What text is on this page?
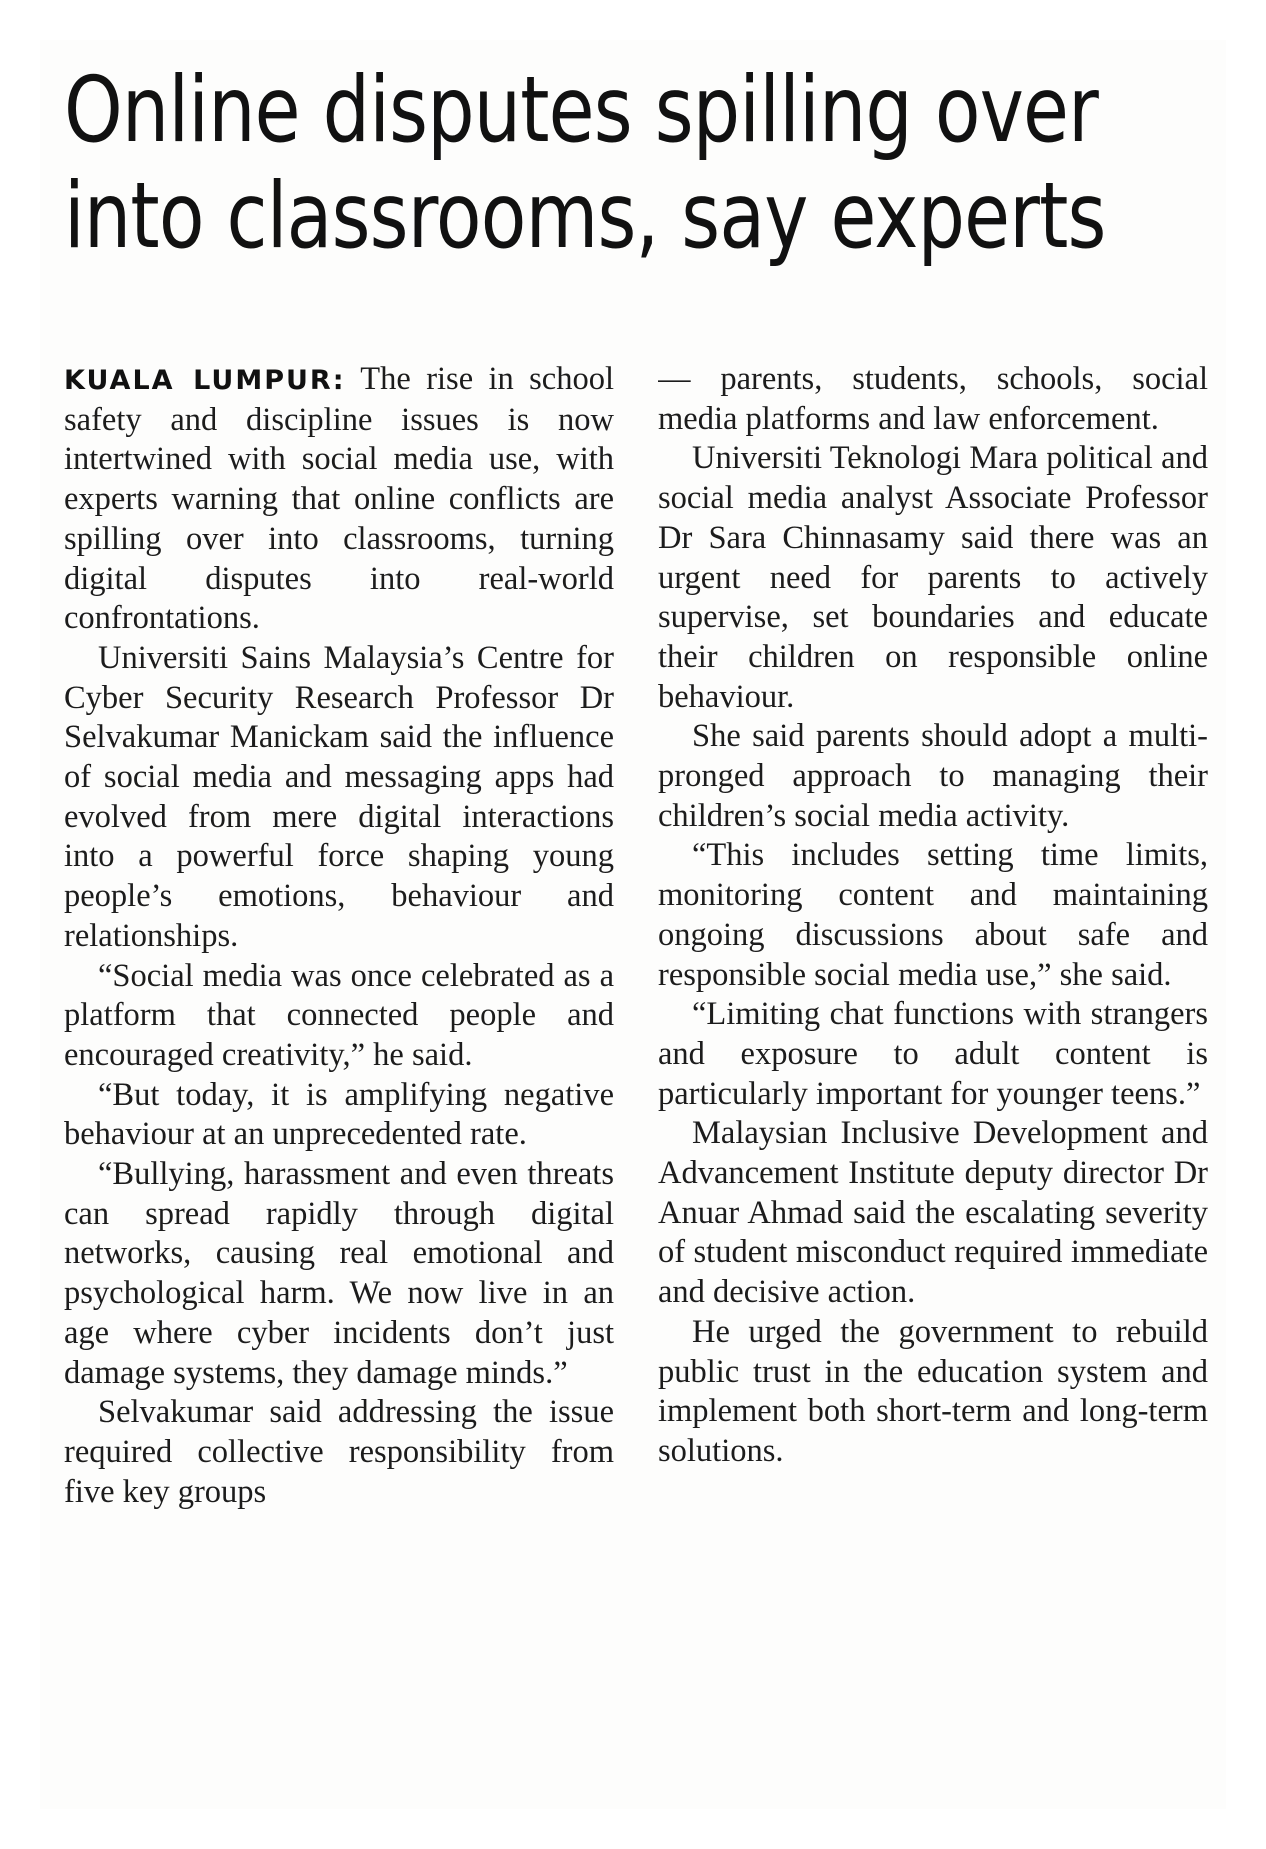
Online disputes spilling over
into classrooms, say experts

KUALA LUMPUR: The rise in school safety and discipline issues is now intertwined with social media use, with experts warning that online conflicts are spilling over into classrooms, turning digital disputes into real-world confrontations.

Universiti Sains Malaysia’s Centre for Cyber Security Research Professor Dr Selvakumar Manickam said the influence of social media and messaging apps had evolved from mere digital interactions into a powerful force shaping young people’s emotions, behaviour and relationships.

“Social media was once celebrated as a platform that connected people and encouraged creativity,” he said.

“But today, it is amplifying negative behaviour at an unprecedented rate.

“Bullying, harassment and even threats can spread rapidly through digital networks, causing real emotional and psychological harm. We now live in an age where cyber incidents don’t just damage systems, they damage minds.”

Selvakumar said addressing the issue required collective responsibility from five key groups

— parents, students, schools, social media platforms and law enforcement.

Universiti Teknologi Mara political and social media analyst Associate Professor Dr Sara Chinnasamy said there was an urgent need for parents to actively supervise, set boundaries and educate their children on responsible online behaviour.

She said parents should adopt a multi-pronged approach to managing their children’s social media activity.

“This includes setting time limits, monitoring content and maintaining ongoing discussions about safe and responsible social media use,” she said.

“Limiting chat functions with strangers and exposure to adult content is particularly important for younger teens.”

Malaysian Inclusive Development and Advancement Institute deputy director Dr Anuar Ahmad said the escalating severity of student misconduct required immediate and decisive action.

He urged the government to rebuild public trust in the education system and implement both short-term and long-term solutions.
